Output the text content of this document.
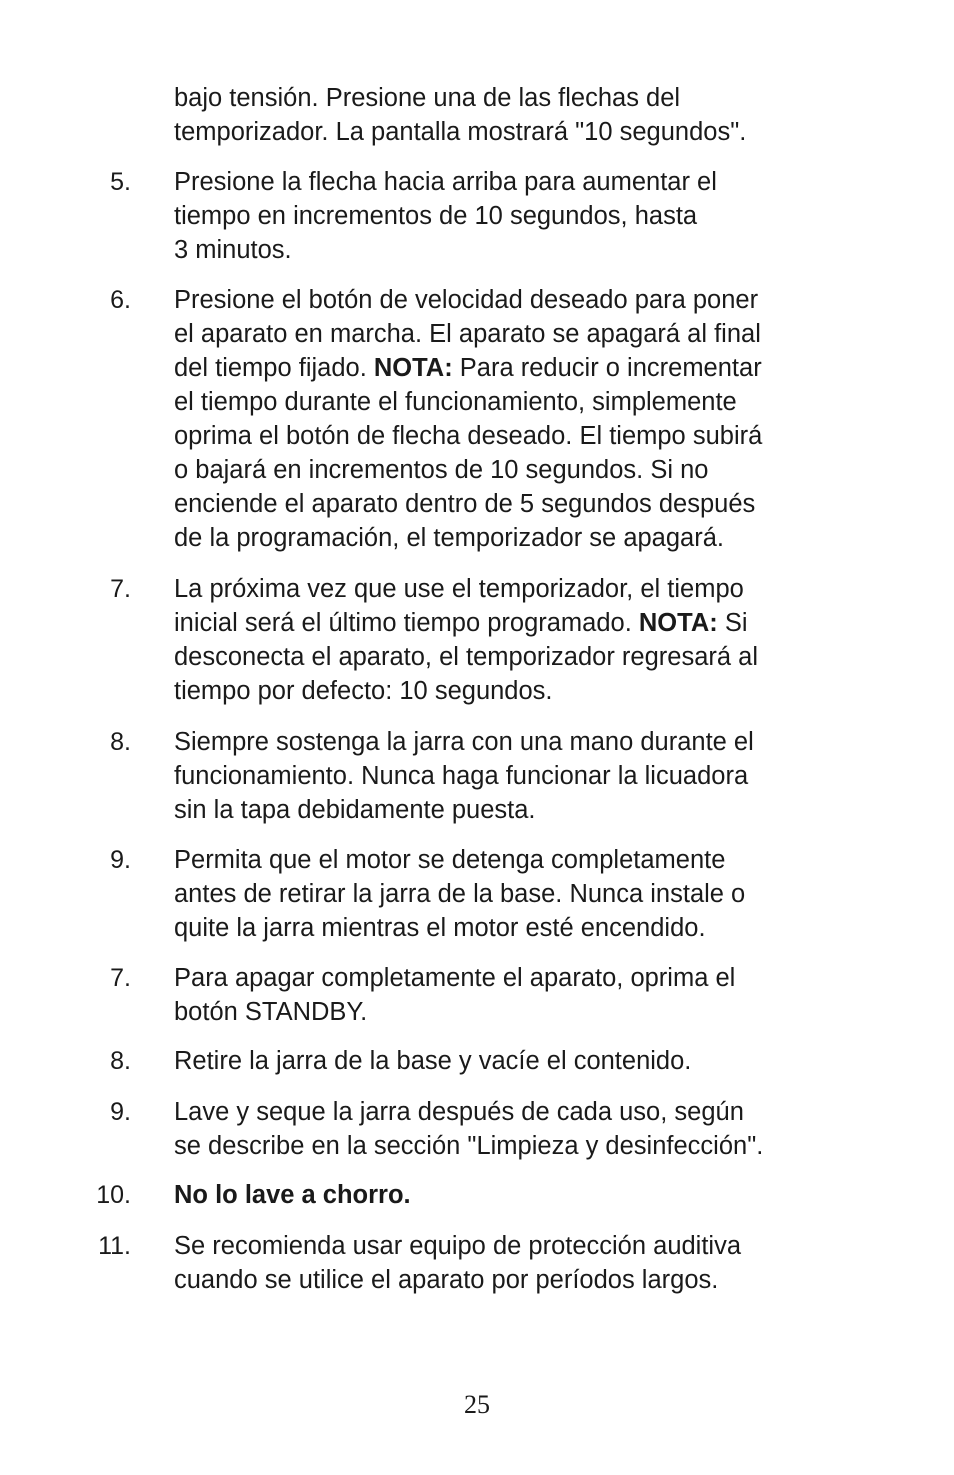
bajo tensión. Presione una de las flechas del
temporizador. La pantalla mostrará "10 segundos".
5. Presione la flecha hacia arriba para aumentar el
tiempo en incrementos de 10 segundos, hasta
3 minutos.
6. Presione el botón de velocidad deseado para poner
el aparato en marcha. El aparato se apagará al final
del tiempo fijado. NOTA: Para reducir o incrementar
el tiempo durante el funcionamiento, simplemente
oprima el botón de flecha deseado. El tiempo subirá
o bajará en incrementos de 10 segundos. Si no
enciende el aparato dentro de 5 segundos después
de la programación, el temporizador se apagará.
7. La próxima vez que use el temporizador, el tiempo
inicial será el último tiempo programado. NOTA: Si
desconecta el aparato, el temporizador regresará al
tiempo por defecto: 10 segundos.
8. Siempre sostenga la jarra con una mano durante el
funcionamiento. Nunca haga funcionar la licuadora
sin la tapa debidamente puesta.
9. Permita que el motor se detenga completamente
antes de retirar la jarra de la base. Nunca instale o
quite la jarra mientras el motor esté encendido.
7. Para apagar completamente el aparato, oprima el
botón STANDBY.
8. Retire la jarra de la base y vacíe el contenido.
9. Lave y seque la jarra después de cada uso, según
se describe en la sección "Limpieza y desinfección".
10. No lo lave a chorro.
11. Se recomienda usar equipo de protección auditiva
cuando se utilice el aparato por períodos largos.
25
